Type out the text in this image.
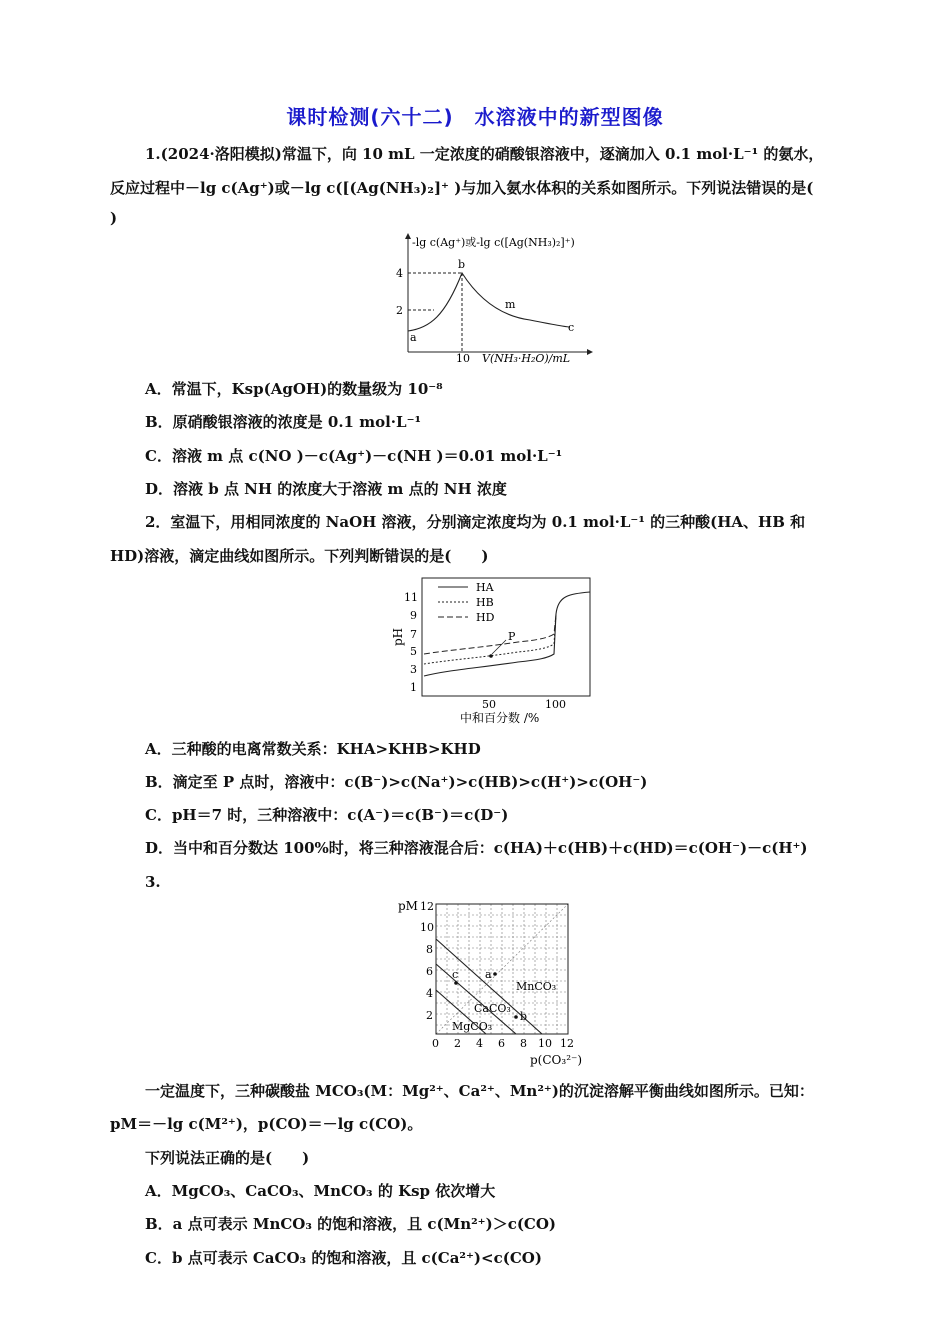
课时检测(六十二)　水溶液中的新型图像
1.(2024·洛阳模拟)常温下，向 10 mL 一定浓度的硝酸银溶液中，逐滴加入 0.1 mol·L⁻¹ 的氨水，
反应过程中－lg c(Ag⁺)或－lg c([(Ag(NH₃)₂]⁺ )与加入氨水体积的关系如图所示。下列说法错误的是(
)
-lg c(Ag⁺)或-lg c([Ag(NH₃)₂]⁺)
4
2
10 V(NH₃·H₂O)/mL
a
b
m
c
A．常温下，Ksp(AgOH)的数量级为 10⁻⁸
B．原硝酸银溶液的浓度是 0.1 mol·L⁻¹
C．溶液 m 点 c(NO )－c(Ag⁺)－c(NH )＝0.01 mol·L⁻¹
D．溶液 b 点 NH 的浓度大于溶液 m 点的 NH 浓度
2．室温下，用相同浓度的 NaOH 溶液，分别滴定浓度均为 0.1 mol·L⁻¹ 的三种酸(HA、HB 和
HD)溶液，滴定曲线如图所示。下列判断错误的是(　　)
pH
11
9
7
5
3
1
50	100
中和百分数 /%
HA
HB
HD
P
A．三种酸的电离常数关系：KHA>KHB>KHD
B．滴定至 P 点时，溶液中：c(B⁻)>c(Na⁺)>c(HB)>c(H⁺)>c(OH⁻)
C．pH＝7 时，三种溶液中：c(A⁻)＝c(B⁻)＝c(D⁻)
D．当中和百分数达 100%时，将三种溶液混合后：c(HA)＋c(HB)＋c(HD)＝c(OH⁻)－c(H⁺)
3.
pM 12
10
8
6
4
2
0 2 4 6 8 10 12
p(CO₃²⁻)
MnCO₃
CaCO₃
MgCO₃
a
b
c
一定温度下，三种碳酸盐 MCO₃(M：Mg²⁺、Ca²⁺、Mn²⁺)的沉淀溶解平衡曲线如图所示。已知：
pM＝－lg c(M²⁺)，p(CO)＝－lg c(CO)。
下列说法正确的是(　　)
A．MgCO₃、CaCO₃、MnCO₃ 的 Ksp 依次增大
B．a 点可表示 MnCO₃ 的饱和溶液，且 c(Mn²⁺)＞c(CO)
C．b 点可表示 CaCO₃ 的饱和溶液，且 c(Ca²⁺)<c(CO)
